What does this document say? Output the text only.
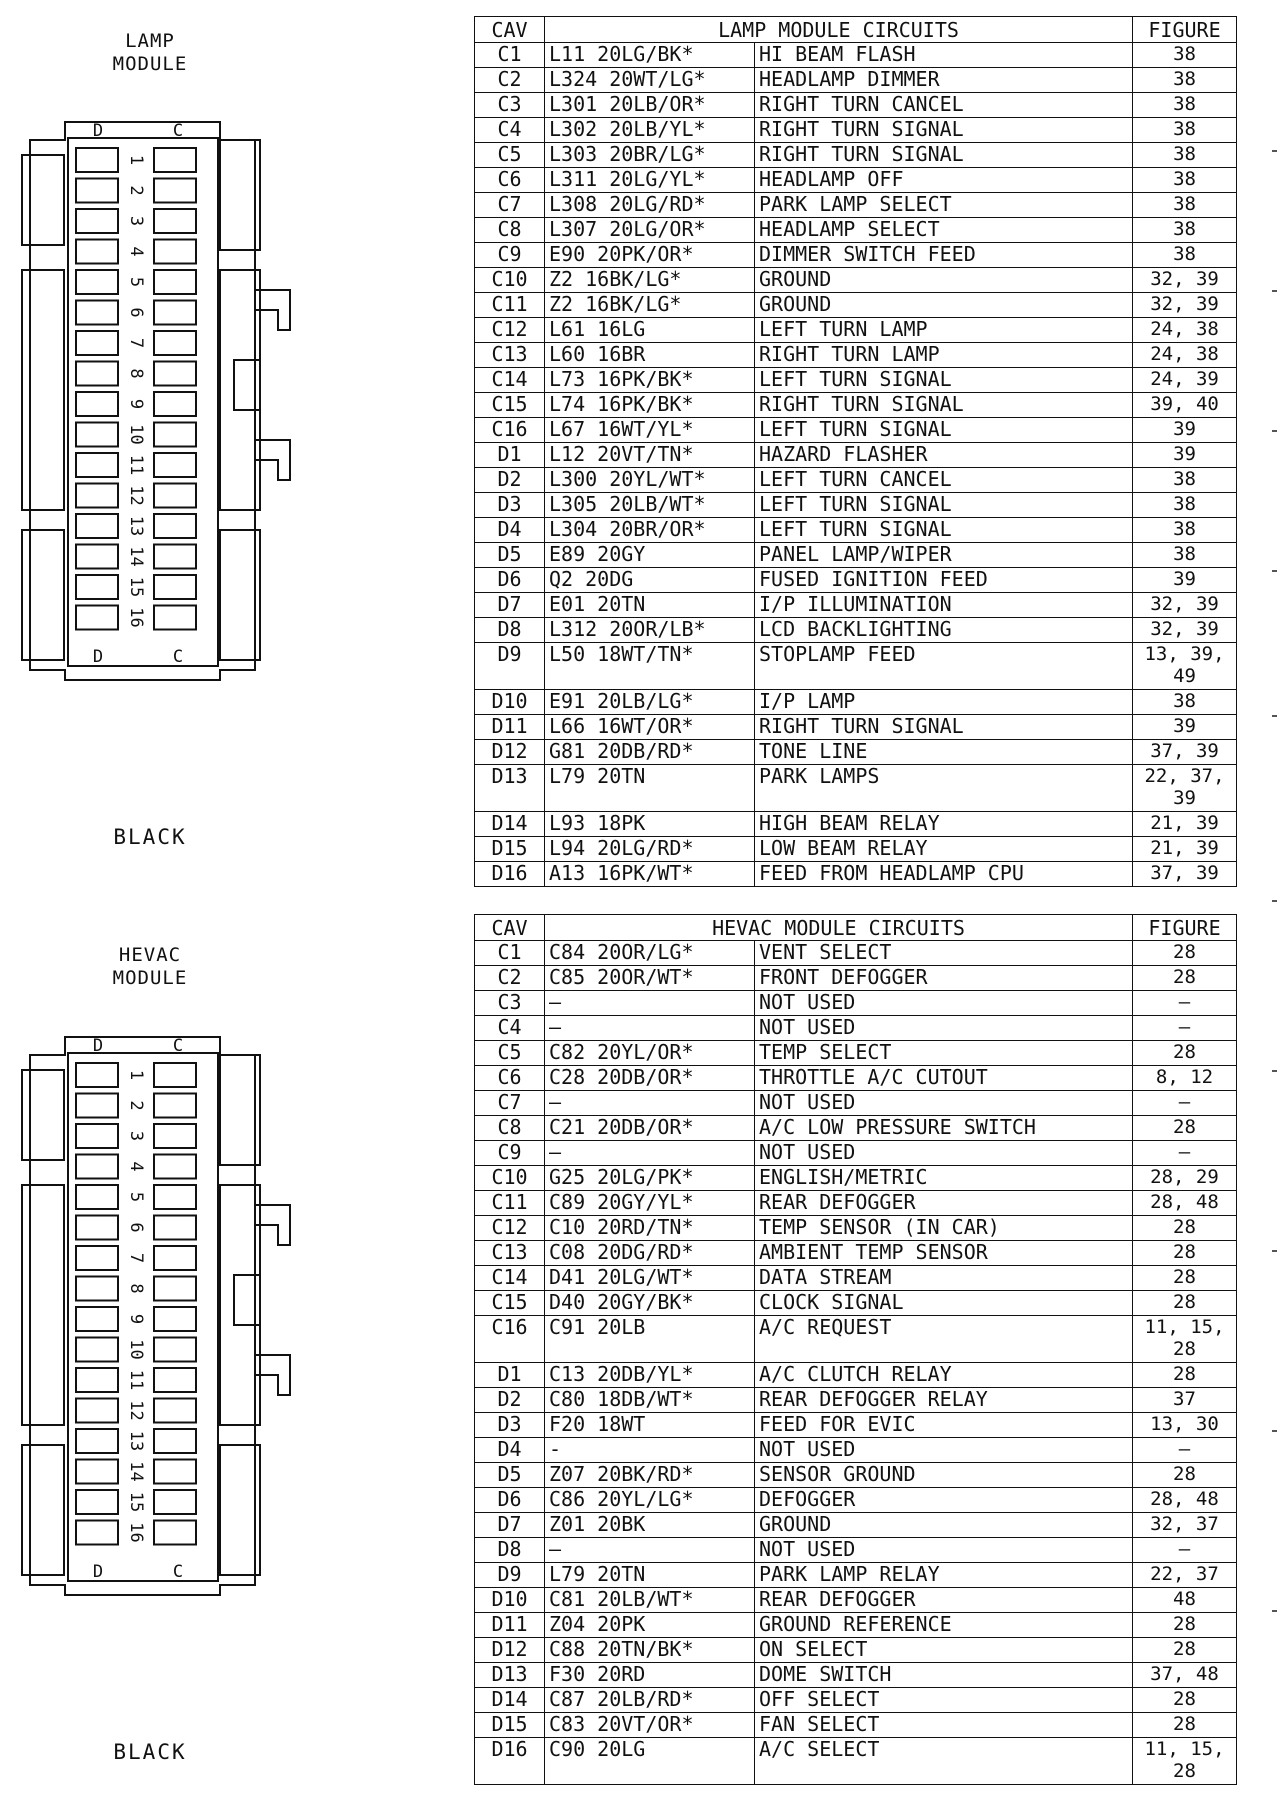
LAMP
MODULE
D	C
D	C
1
2
3
4
5
6
7
8
9
10
11
12
13
14
15
16
BLACK
HEVAC
MODULE
D	C
D	C
1
2
3
4
5
6
7
8
9
10
11
12
13
14
15
16
BLACK
CAV	LAMP MODULE CIRCUITS		FIGURE
C1	L11 20LG/BK*	HI BEAM FLASH	38
C2	L324 20WT/LG*	HEADLAMP DIMMER	38
C3	L301 20LB/OR*	RIGHT TURN CANCEL	38
C4	L302 20LB/YL*	RIGHT TURN SIGNAL	38
C5	L303 20BR/LG*	RIGHT TURN SIGNAL	38
C6	L311 20LG/YL*	HEADLAMP OFF	38
C7	L308 20LG/RD*	PARK LAMP SELECT	38
C8	L307 20LG/OR*	HEADLAMP SELECT	38
C9	E90 20PK/OR*	DIMMER SWITCH FEED	38
C10	Z2 16BK/LG*	GROUND	32, 39
C11	Z2 16BK/LG*	GROUND	32, 39
C12	L61 16LG	LEFT TURN LAMP	24, 38
C13	L60 16BR	RIGHT TURN LAMP	24, 38
C14	L73 16PK/BK*	LEFT TURN SIGNAL	24, 39
C15	L74 16PK/BK*	RIGHT TURN SIGNAL	39, 40
C16	L67 16WT/YL*	LEFT TURN SIGNAL	39
D1	L12 20VT/TN*	HAZARD FLASHER	39
D2	L300 20YL/WT*	LEFT TURN CANCEL	38
D3	L305 20LB/WT*	LEFT TURN SIGNAL	38
D4	L304 20BR/OR*	LEFT TURN SIGNAL	38
D5	E89 20GY	PANEL LAMP/WIPER	38
D6	Q2 20DG	FUSED IGNITION FEED	39
D7	E01 20TN	I/P ILLUMINATION	32, 39
D8	L312 20OR/LB*	LCD BACKLIGHTING	32, 39
D9	L50 18WT/TN*	STOPLAMP FEED	13, 39,
49
D10	E91 20LB/LG*	I/P LAMP	38
D11	L66 16WT/OR*	RIGHT TURN SIGNAL	39
D12	G81 20DB/RD*	TONE LINE	37, 39
D13	L79 20TN	PARK LAMPS	22, 37,
39
D14	L93 18PK	HIGH BEAM RELAY	21, 39
D15	L94 20LG/RD*	LOW BEAM RELAY	21, 39
D16	A13 16PK/WT*	FEED FROM HEADLAMP CPU	37, 39
CAV	HEVAC MODULE CIRCUITS		FIGURE
C1	C84 20OR/LG*	VENT SELECT	28
C2	C85 20OR/WT*	FRONT DEFOGGER	28
C3	—	NOT USED	—
C4	—	NOT USED	—
C5	C82 20YL/OR*	TEMP SELECT	28
C6	C28 20DB/OR*	THROTTLE A/C CUTOUT	8, 12
C7	—	NOT USED	—
C8	C21 20DB/OR*	A/C LOW PRESSURE SWITCH	28
C9	—	NOT USED	—
C10	G25 20LG/PK*	ENGLISH/METRIC	28, 29
C11	C89 20GY/YL*	REAR DEFOGGER	28, 48
C12	C10 20RD/TN*	TEMP SENSOR (IN CAR)	28
C13	C08 20DG/RD*	AMBIENT TEMP SENSOR	28
C14	D41 20LG/WT*	DATA STREAM	28
C15	D40 20GY/BK*	CLOCK SIGNAL	28
C16	C91 20LB	A/C REQUEST	11, 15,
28
D1	C13 20DB/YL*	A/C CLUTCH RELAY	28
D2	C80 18DB/WT*	REAR DEFOGGER RELAY	37
D3	F20 18WT	FEED FOR EVIC	13, 30
D4	-	NOT USED	—
D5	Z07 20BK/RD*	SENSOR GROUND	28
D6	C86 20YL/LG*	DEFOGGER	28, 48
D7	Z01 20BK	GROUND	32, 37
D8	—	NOT USED	—
D9	L79 20TN	PARK LAMP RELAY	22, 37
D10	C81 20LB/WT*	REAR DEFOGGER	48
D11	Z04 20PK	GROUND REFERENCE	28
D12	C88 20TN/BK*	ON SELECT	28
D13	F30 20RD	DOME SWITCH	37, 48
D14	C87 20LB/RD*	OFF SELECT	28
D15	C83 20VT/OR*	FAN SELECT	28
D16	C90 20LG	A/C SELECT	11, 15,
28
